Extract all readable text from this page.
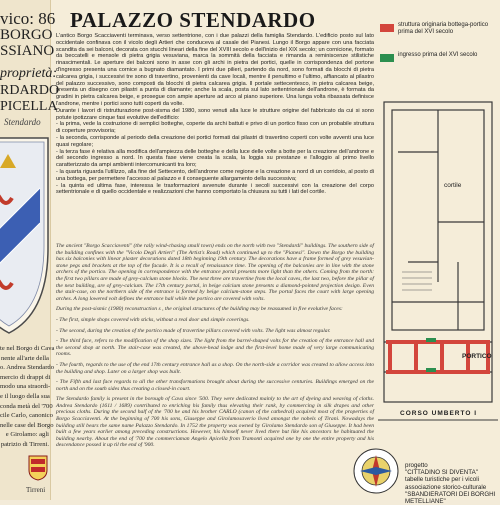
vico: 86
BORGO
SSIANO
proprietà:
RDARDO
PICELLA
Stendardo
te nel Borgo di Cava
nente all'arte della
o. Andrea Stendardo
mercio di drappi di
modo una straordi-
e il luogo della sua
conda metà del '700
cile Carlo, canonico
nelle case del Borgo
e Girolamo: agli
patrizio di Tirreni.
Tirreni
PALAZZO STENDARDO

L'antico Borgo Scacciaventi terminava, verso settentrione, con i due palazzi della famiglia Stendardo. L'edificio posto sul lato occidentale confinava con il vicolo degli Artieri che conduceva al casale dei Pianesi. Lungo il Borgo appare con una facciata scandita da sei balconi, decorata con stucchi lineari della fine del XVIII secolo e dell'inizio del XIX secolo; un cornicione, formato da beccatelli e mensole di pietra grigia vesuviana, marca la sommità della facciata e rimanda a reminiscenze stilistiche rinascimentali. Le aperture dei balconi sono in asse con gli archi in pietra dei portici, quelle in corrispondenza del portone d'ingresso presenta una cornice a bugnato diamantato. I primi due pilieri, partendo da nord, sono formati da blocchi di pietra calcarea grigia, i successivi tre sono di travertino, provenienti da cave locali, mentre il penultimo e l'ultimo, affiancato al pilastro del palazzo successivo, sono composti da blocchi di pietra calcarea grigia. Il portale settecentesco, in pietra calcarea beige, presenta un disegno con pilastri a punta di diamante; anche la scala, posta sul lato settentrionale dell'androne, è formata da gradini in pietra calcarea beige, e prosegue con ampie aperture ad arco al piano superiore. Una lunga volta ribassata definisce l'androne, mentre i portici sono tutti coperti da volte.

Durante i lavori di ristrutturazione post-sisma del 1980, sono venuti alla luce le strutture origine del fabbricato da cui si sono potute ipotizzare cinque fasi evolutive dell'edificio:

- la prima, vede la costruzione di semplici botteghe, coperte da archi battuti e privo di un portico fisso con un probabile struttura di coperture provvisoria;

- la seconda, corrisponde al periodo della creazione dei portici formati dai pilastri di travertino coperti con volte avventi una luce quasi regolare;

- la terza fase è relativa alla modifica dell'ampiezza delle botteghe e della luce delle volte a botte per la creazione dell'androne e del secondo ingresso a nord. In questa fase viene creata la scala, la loggia su prestanze e l'alloggio al primo livello caratterizzato da ampi ambienti intercomunicanti tra loro;

- la quarta riguarda l'utilizzo, alla fine del Settecento, dell'androne come regione e la creazione a nord di un corridoio, al posto di una bottega, per permettere l'accesso al palazzo e il conseguente allargamento della successiva;

- la quinta ed ultima fase, interessa le trasformazioni avvenute durante i secoli successivi con la creazione del corpo settentrionale e di quello occidentale e realizzazioni che hanno comportato la chiusura su tutti i lati del cortile.

The ancient "Borgo Scacciaventi" (the rally wind-chasing small town) ends on the north with two "Stendardi" buildings. The southern side of the building confines with the "Vicolo Degli Artieri" (The Artist's Road) which continued up to the "Pianesi". Down the Borgo the building has six balconies with linear plaster decorations dated 18th beginning 19th century. The decorations have a frame formed of grey vesuvian-stone pegs and brackets at the top of the facade. It is a recall of renaissance time. The opening of the balconies are in line with the stone archers of the portico. The opening in correspondence with the entrance portal presents more light than the others. Coming from the north: the first two pillars are made of grey-calcium stone blocks. The next three are travertine from the local caves, the last two, before the pillar of the next building, are of grey-calcium. The 17th century portal, in beige calcium stone presents a diamond-pointed projection design. Even the stair-case, on the northern side of the entrance is formed by beige calcium-stone steps. The portal faces the court with large opening arches. A long lowered volt defines the entrance hall while the portico are covered with volts.

During the post-sismic (1980) reconstruction s , the original structures of the building may be reassumed in five evolutive faces:

- The first, simple shops covered with sticks, without a real door and simple coverings.

- The second, during the creation of the portico made of travertine pillars covered with volts. The light was almost regular.

- The third face, refers to the modification of the shop sizes. The light from the barrel-shaped volts for the creation of the entrance hall and the second shop at north. The stair-case was created, the above-head lodge and the first-level home made of very large communicating rooms.

- The fourth, regards to the use of the end 17th century entrance hall as a shop. On the north-side a corridor was created to allow access into the building and shop. Later on a larger shop was built.

- The Fifth and last face regards to all the other transformations brought about during the successive centuries. Buildings emerged on the north and on the south sides thus creating a closed-in court.

The Stendardo family is present in the borough of Cava since '500. They were dedicated mainly to the art of dyeing and weaving of cloths. Andrea Stendardo (1611 / 1689) contributed to enriching his family thus elevating their rank, by commercing in silk drapes and other precious cloths. During the second half of the '700 he and his brother CARLO (canon of the cathedral) acquired most of the properties of Borgo Scacciaventi. At the beginning of 700 his sons, Giuseppe and Girolamosaverio lived amongst the nobels of Tirani. Nowadays the building still bears the same name Palazzo Stendardo. In 1752 the property was owned by Girolamo Stendardo son of Giuseppe. It had been built a few years earlier among preceding constructions. However, his himself never lived there but like his ancestors he habituated the building nearby. About the end of '700 the commerciaman Angelo Apicella from Tramonti acquired one by one the entire property and his descendance possed it up til the end of '900.

struttura originaria bottega-portico prima del XVI secolo
ingresso prima del XVI secolo
cortile
PORTICO
CORSO UMBERTO I
progetto
"CITTADINO SI DIVENTA"
tabelle turistiche per i vicoli
associazione storico-culturale
"SBANDIERATORI DEI BORGHI
METELLIANE"
